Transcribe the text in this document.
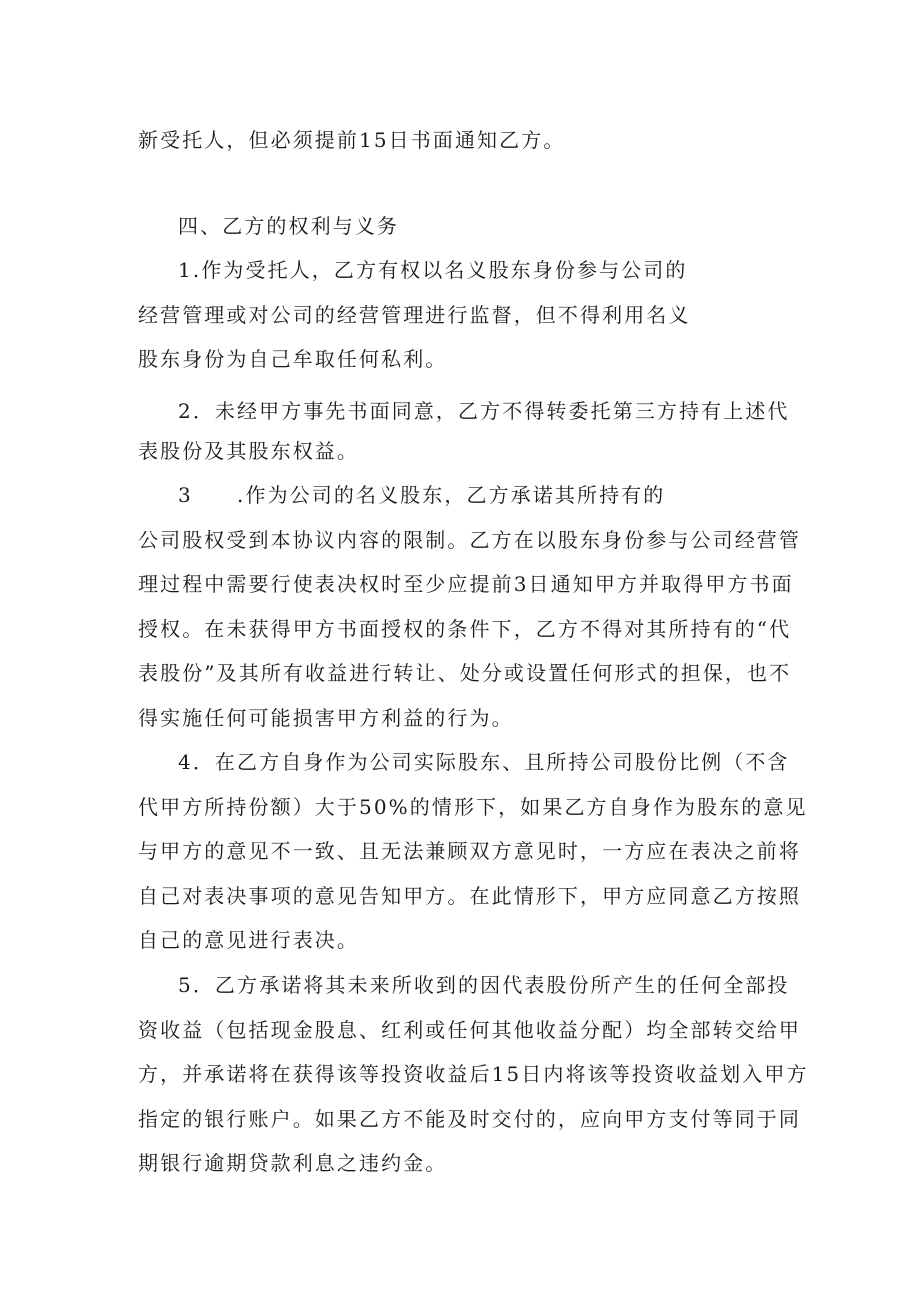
新受托人，但必须提前15日书面通知乙方。
四、乙方的权利与义务
1.作为受托人，乙方有权以名义股东身份参与公司的
经营管理或对公司的经营管理进行监督，但不得利用名义
股东身份为自己牟取任何私利。
2．未经甲方事先书面同意，乙方不得转委托第三方持有上述代
表股份及其股东权益。
3　　.作为公司的名义股东，乙方承诺其所持有的
公司股权受到本协议内容的限制。乙方在以股东身份参与公司经营管
理过程中需要行使表决权时至少应提前3日通知甲方并取得甲方书面
授权。在未获得甲方书面授权的条件下，乙方不得对其所持有的“代
表股份”及其所有收益进行转让、处分或设置任何形式的担保，也不
得实施任何可能损害甲方利益的行为。
4．在乙方自身作为公司实际股东、且所持公司股份比例（不含
代甲方所持份额）大于50%的情形下，如果乙方自身作为股东的意见
与甲方的意见不一致、且无法兼顾双方意见时，一方应在表决之前将
自己对表决事项的意见告知甲方。在此情形下，甲方应同意乙方按照
自己的意见进行表决。
5．乙方承诺将其未来所收到的因代表股份所产生的任何全部投
资收益（包括现金股息、红利或任何其他收益分配）均全部转交给甲
方，并承诺将在获得该等投资收益后15日内将该等投资收益划入甲方
指定的银行账户。如果乙方不能及时交付的，应向甲方支付等同于同
期银行逾期贷款利息之违约金。
